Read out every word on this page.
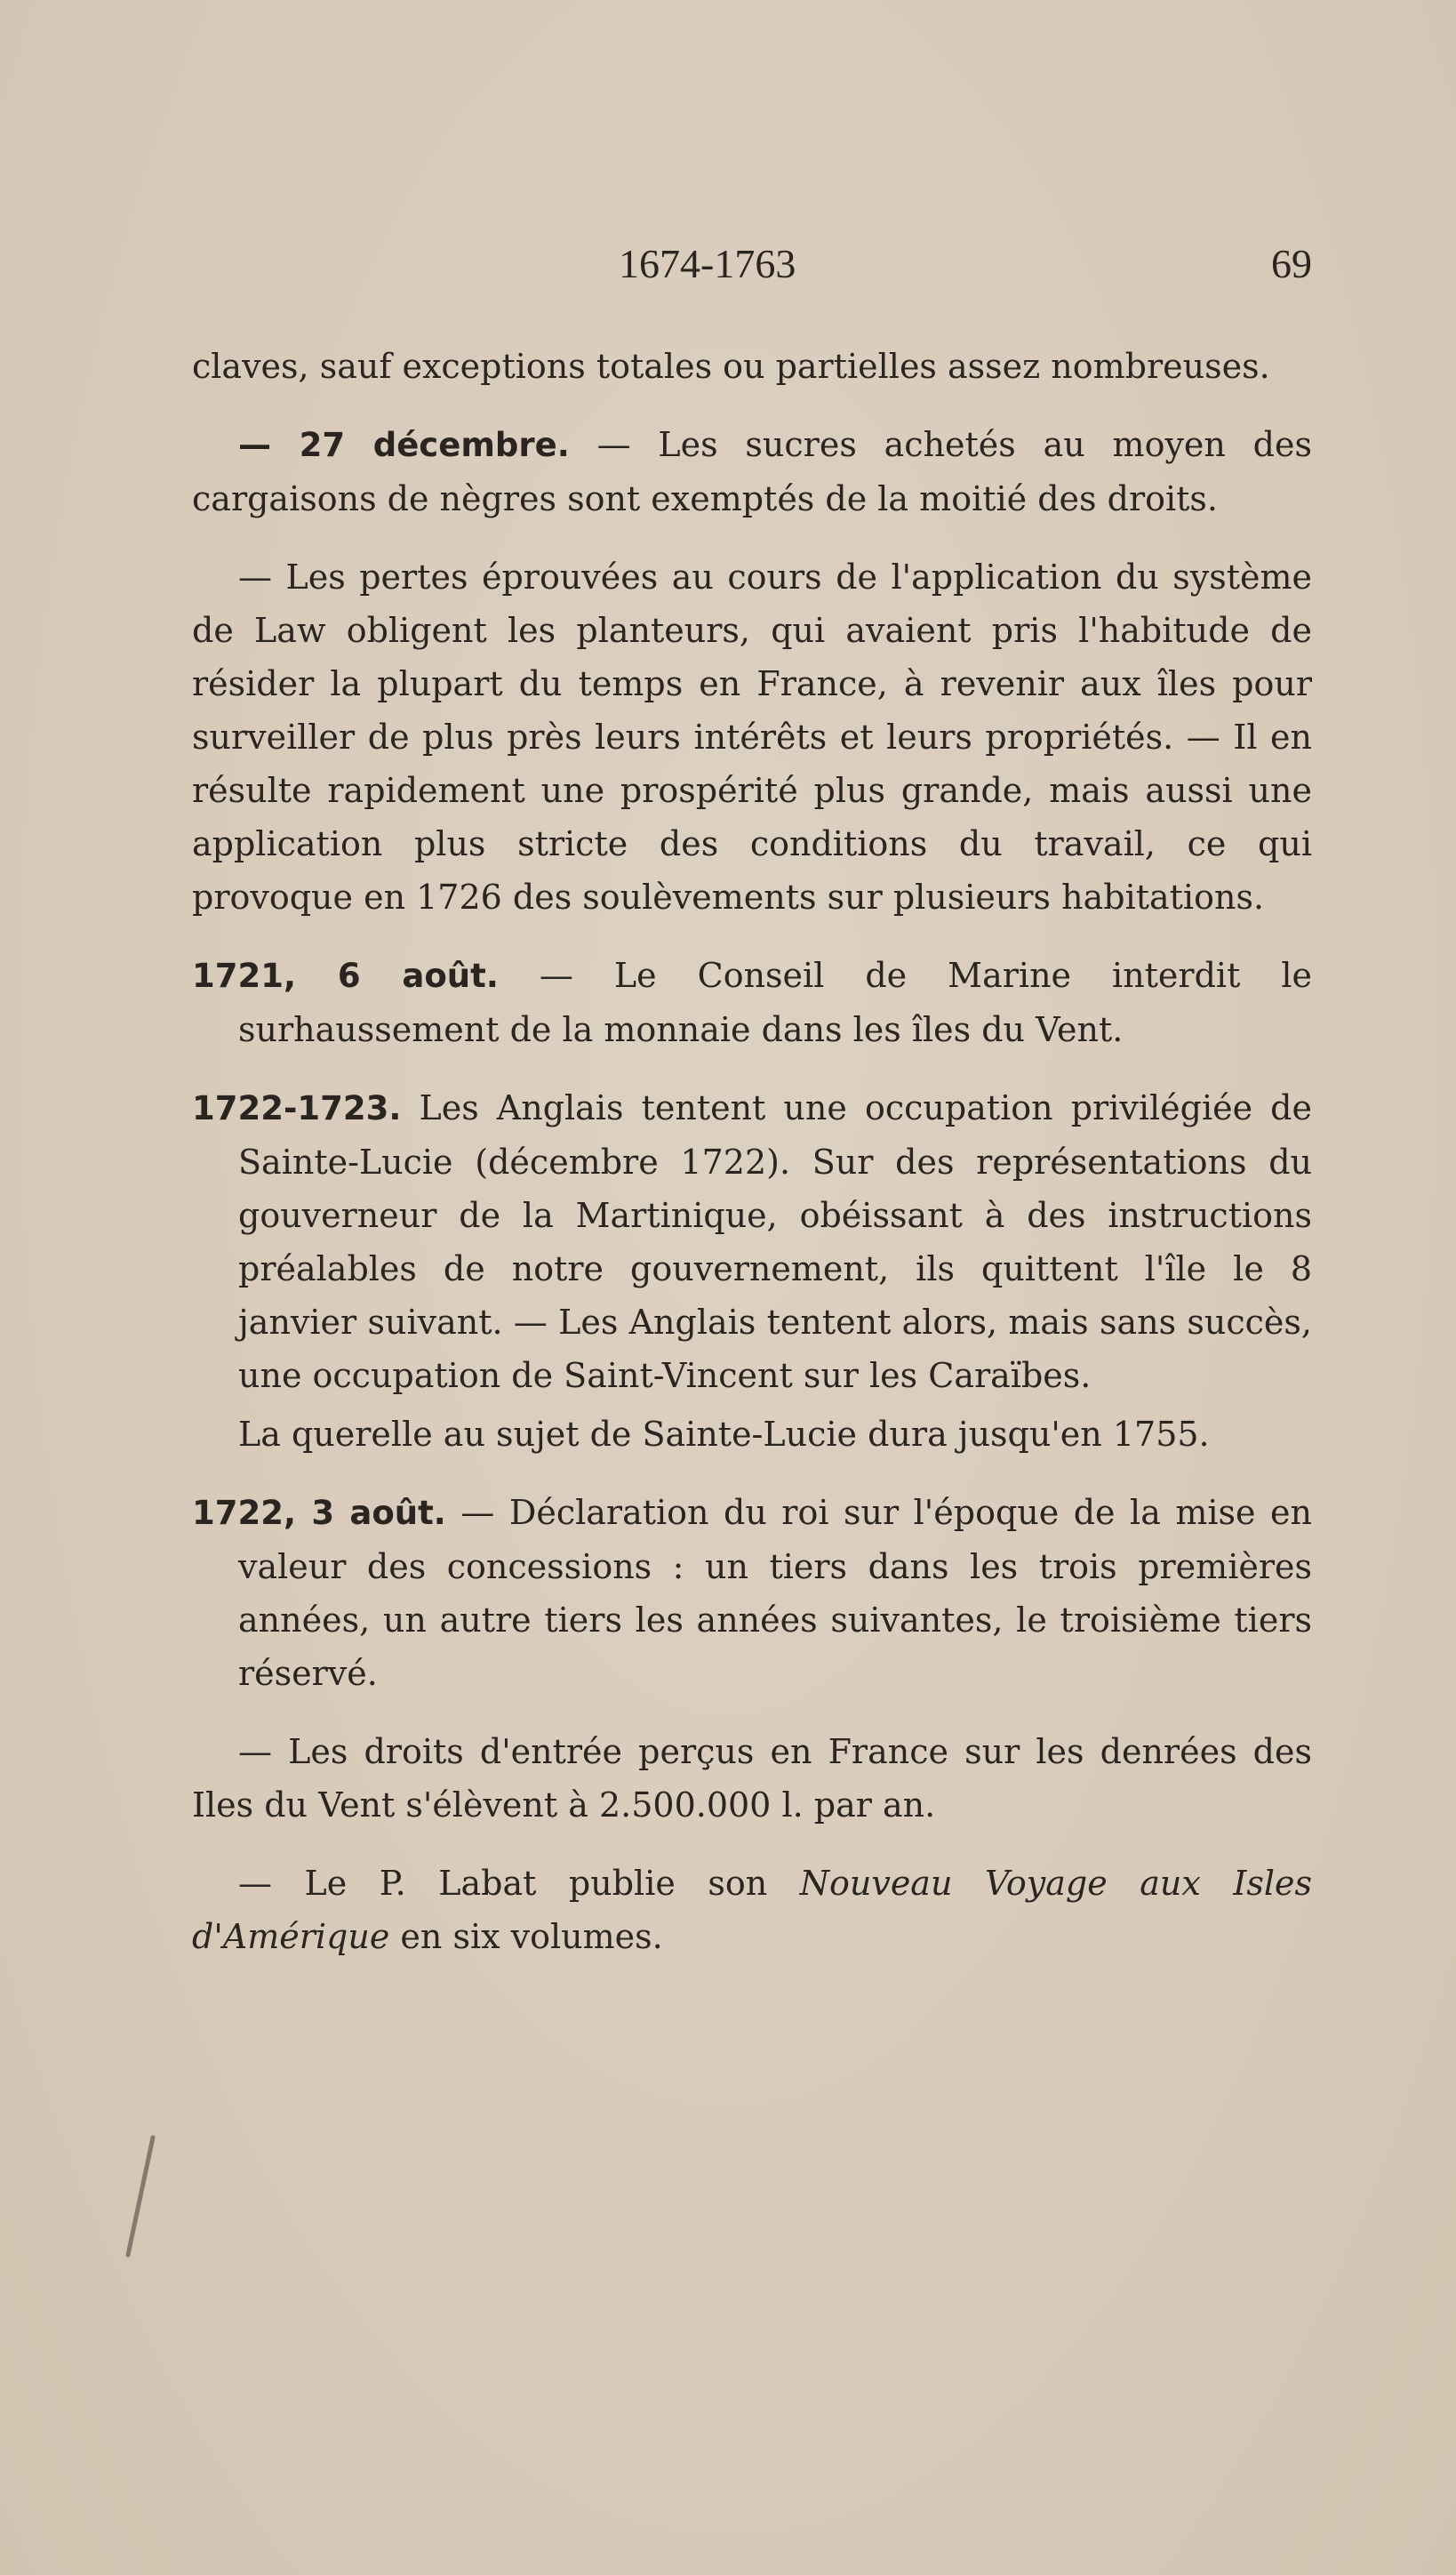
1674-1763	69

claves, sauf exceptions totales ou partielles assez nombreuses.

— 27 décembre. — Les sucres achetés au moyen des cargaisons de nègres sont exemptés de la moitié des droits.

— Les pertes éprouvées au cours de l'application du système de Law obligent les planteurs, qui avaient pris l'habitude de résider la plupart du temps en France, à revenir aux îles pour surveiller de plus près leurs intérêts et leurs propriétés. — Il en résulte rapidement une prospérité plus grande, mais aussi une application plus stricte des conditions du travail, ce qui provoque en 1726 des soulèvements sur plusieurs habitations.

1721, 6 août. — Le Conseil de Marine interdit le surhaussement de la monnaie dans les îles du Vent.

1722-1723. Les Anglais tentent une occupation privilégiée de Sainte-Lucie (décembre 1722). Sur des représentations du gouverneur de la Martinique, obéissant à des instructions préalables de notre gouvernement, ils quittent l'île le 8 janvier suivant. — Les Anglais tentent alors, mais sans succès, une occupation de Saint-Vincent sur les Caraïbes.

La querelle au sujet de Sainte-Lucie dura jusqu'en 1755.

1722, 3 août. — Déclaration du roi sur l'époque de la mise en valeur des concessions : un tiers dans les trois premières années, un autre tiers les années suivantes, le troisième tiers réservé.

— Les droits d'entrée perçus en France sur les denrées des Iles du Vent s'élèvent à 2.500.000 l. par an.

— Le P. Labat publie son Nouveau Voyage aux Isles d'Amérique en six volumes.
